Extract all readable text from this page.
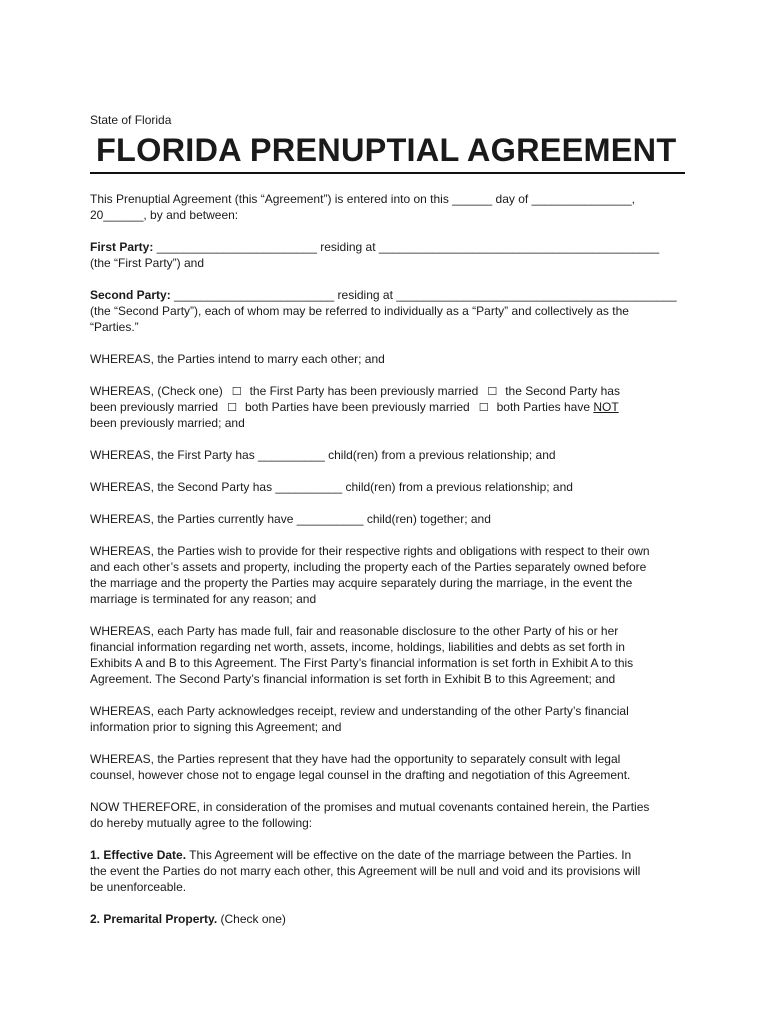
State of Florida

FLORIDA PRENUPTIAL AGREEMENT

This Prenuptial Agreement (this “Agreement”) is entered into on this ______ day of _______________,
20______, by and between:

First Party: ________________________ residing at __________________________________________
(the “First Party”) and

Second Party: ________________________ residing at __________________________________________
(the “Second Party”), each of whom may be referred to individually as a “Party” and collectively as the
“Parties.”

WHEREAS, the Parties intend to marry each other; and

WHEREAS, (Check one) ☐ the First Party has been previously married ☐ the Second Party has
been previously married ☐ both Parties have been previously married ☐ both Parties have NOT
been previously married; and

WHEREAS, the First Party has __________ child(ren) from a previous relationship; and

WHEREAS, the Second Party has __________ child(ren) from a previous relationship; and

WHEREAS, the Parties currently have __________ child(ren) together; and

WHEREAS, the Parties wish to provide for their respective rights and obligations with respect to their own
and each other’s assets and property, including the property each of the Parties separately owned before
the marriage and the property the Parties may acquire separately during the marriage, in the event the
marriage is terminated for any reason; and

WHEREAS, each Party has made full, fair and reasonable disclosure to the other Party of his or her
financial information regarding net worth, assets, income, holdings, liabilities and debts as set forth in
Exhibits A and B to this Agreement. The First Party’s financial information is set forth in Exhibit A to this
Agreement. The Second Party’s financial information is set forth in Exhibit B to this Agreement; and

WHEREAS, each Party acknowledges receipt, review and understanding of the other Party’s financial
information prior to signing this Agreement; and

WHEREAS, the Parties represent that they have had the opportunity to separately consult with legal
counsel, however chose not to engage legal counsel in the drafting and negotiation of this Agreement.

NOW THEREFORE, in consideration of the promises and mutual covenants contained herein, the Parties
do hereby mutually agree to the following:

1. Effective Date. This Agreement will be effective on the date of the marriage between the Parties. In
the event the Parties do not marry each other, this Agreement will be null and void and its provisions will
be unenforceable.

2. Premarital Property. (Check one)
